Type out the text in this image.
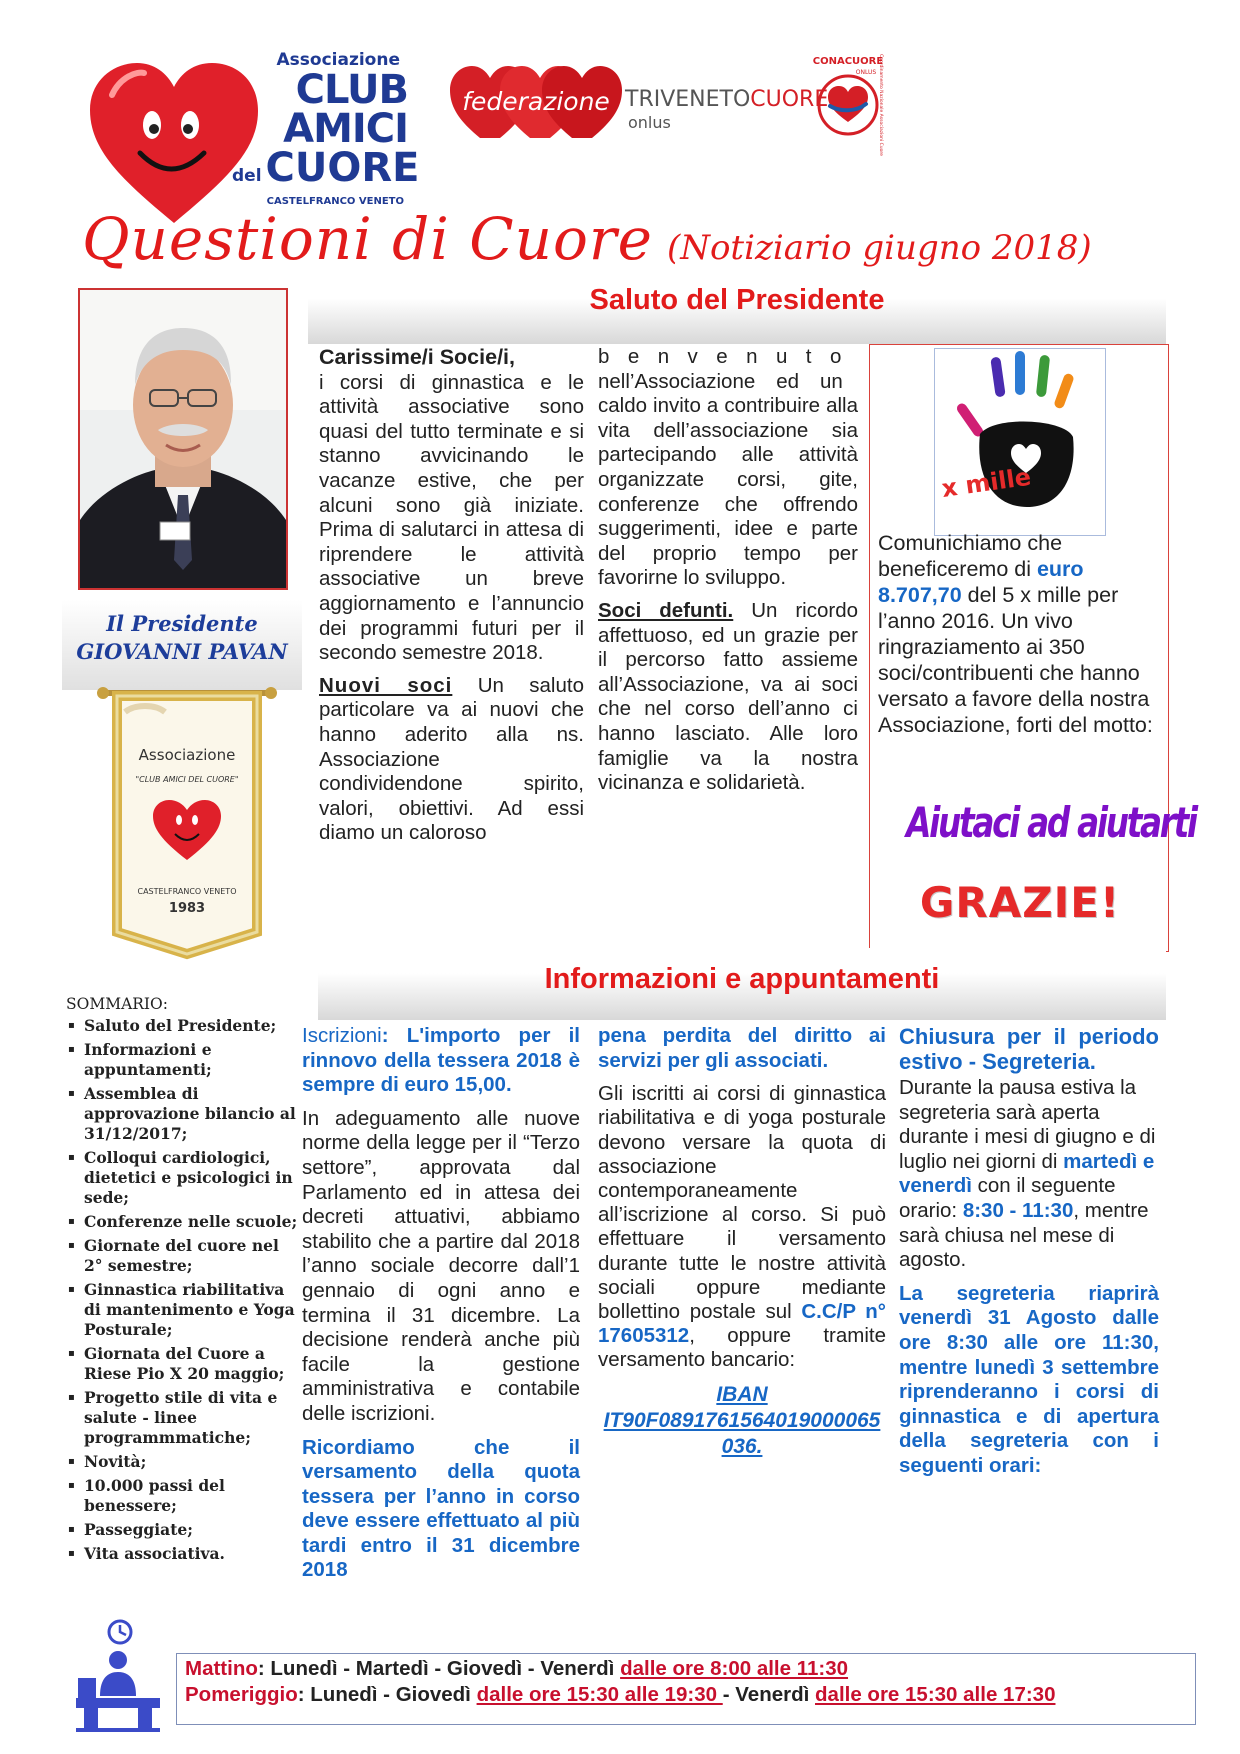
Associazione
CLUB
AMICI
del CUORE
CASTELFRANCO VENETO
federazione TRIVENETOCUORE
onlus
CONACUORE
ONLUS Coordinamento Nazionale Associazioni Cuore
Questioni di Cuore (Notiziario giugno 2018)
Saluto del Presidente
Il Presidente
GIOVANNI PAVAN
Associazione
"CLUB AMICI DEL CUORE"
CASTELFRANCO VENETO
1983

Carissime/i Socie/i,
i corsi di ginnastica e le attività associative sono quasi del tutto terminate e si stanno avvicinando le vacanze estive, che per alcuni sono già iniziate. Prima di salutarci in attesa di riprendere le attività associative un breve aggiornamento e l’annuncio dei programmi futuri per il secondo semestre 2018.

Nuovi soci Un saluto particolare va ai nuovi che hanno aderito alla ns. Associazione condividendone spirito, valori, obiettivi. Ad essi diamo un caloroso

benvenuto nell’Associazione ed un caldo invito a contribuire alla vita dell’associazione sia partecipando alle attività organizzate corsi, gite, conferenze che offrendo suggerimenti, idee e parte del proprio tempo per favorirne lo sviluppo.

Soci defunti. Un ricordo affettuoso, ed un grazie per il percorso fatto assieme all’Associazione, va ai soci che nel corso dell’anno ci hanno lasciato. Alle loro famiglie va la nostra vicinanza e solidarietà.

x mille
Comunichiamo che beneficeremo di euro 8.707,70 del 5 x mille per l’anno 2016. Un vivo ringraziamento ai 350 soci/contribuenti che hanno versato a favore della nostra Associazione, forti del motto:
Aiutaci ad aiutarti
GRAZIE!
Informazioni e appuntamenti
SOMMARIO:
▪ Saluto del Presidente;
▪ Informazioni e appuntamenti;
▪ Assemblea di approvazione bilancio al 31/12/2017;
▪ Colloqui cardiologici, dietetici e psicologici in sede;
▪ Conferenze nelle scuole;
▪ Giornate del cuore nel 2° semestre;
▪ Ginnastica riabilitativa di mantenimento e Yoga Posturale;
▪ Giornata del Cuore a Riese Pio X 20 maggio;
▪ Progetto stile di vita e salute - linee programmmatiche;
▪ Novità;
▪ 10.000 passi del benessere;
▪ Passeggiate;
▪ Vita associativa.

Iscrizioni: L'importo per il rinnovo della tessera 2018 è sempre di euro 15,00.

In adeguamento alle nuove norme della legge per il “Terzo settore”, approvata dal Parlamento ed in attesa dei decreti attuativi, abbiamo stabilito che a partire dal 2018 l’anno sociale decorre dall’1 gennaio di ogni anno e termina il 31 dicembre. La decisione renderà anche più facile la gestione amministrativa e contabile delle iscrizioni.

Ricordiamo che il versamento della quota tessera per l’anno in corso deve essere effettuato al più tardi entro il 31 dicembre 2018

pena perdita del diritto ai servizi per gli associati.

Gli iscritti ai corsi di ginnastica riabilitativa e di yoga posturale devono versare la quota di associazione contemporaneamente all’iscrizione al corso. Si può effettuare il versamento durante tutte le nostre attività sociali oppure mediante bollettino postale sul C.C/P n° 17605312, oppure tramite versamento bancario:

IBAN
IT90F0891761564019000065036.

Chiusura per il periodo estivo - Segreteria.

Durante la pausa estiva la segreteria sarà aperta durante i mesi di giugno e di luglio nei giorni di martedì e venerdì con il seguente orario: 8:30 - 11:30, mentre sarà chiusa nel mese di agosto.

La segreteria riaprirà venerdì 31 Agosto dalle ore 8:30 alle ore 11:30, mentre lunedì 3 settembre riprenderanno i corsi di ginnastica e di apertura della segreteria con i seguenti orari:

Mattino: Lunedì - Martedì - Giovedì - Venerdì dalle ore 8:00 alle 11:30
Pomeriggio: Lunedì - Giovedì dalle ore 15:30 alle 19:30 - Venerdì dalle ore 15:30 alle 17:30
